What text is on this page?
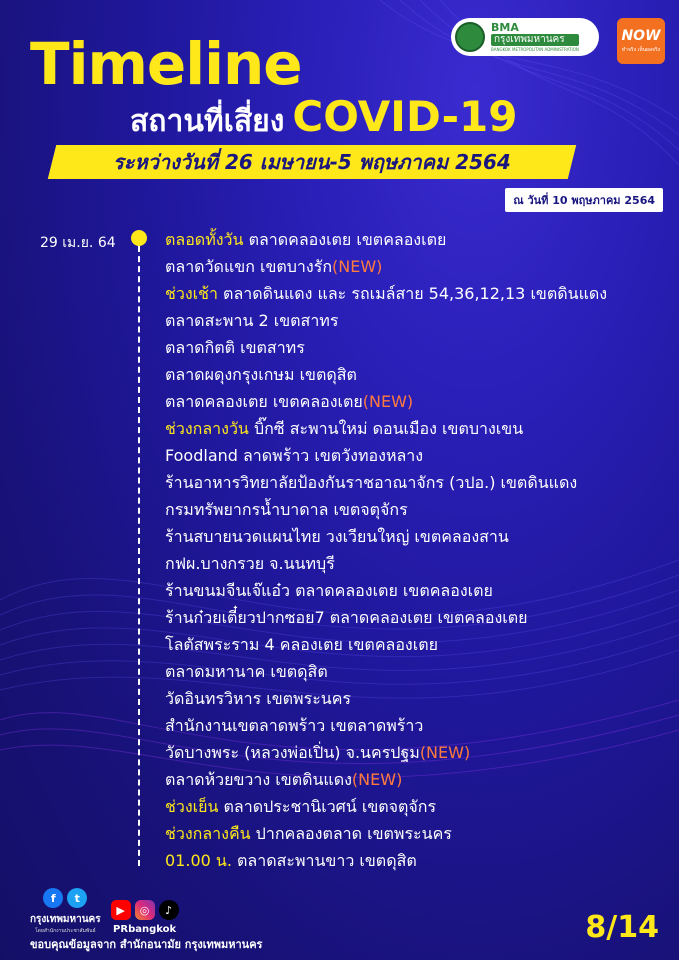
BMA
กรุงเทพมหานคร
BANGKOK METROPOLITAN ADMINISTRATION
NOW
ทำจริง เห็นผลจริง
Timeline
สถานที่เสี่ยง COVID-19
ระหว่างวันที่ 26 เมษายน-5 พฤษภาคม 2564
ณ วันที่ 10 พฤษภาคม 2564
29 เม.ย. 64	ตลอดทั้งวัน ตลาดคลองเตย เขตคลองเตย
ตลาดวัดแขก เขตบางรัก(NEW)
ช่วงเช้า ตลาดดินแดง และ รถเมล์สาย 54,36,12,13 เขตดินแดง
ตลาดสะพาน 2 เขตสาทร
ตลาดกิตติ เขตสาทร
ตลาดผดุงกรุงเกษม เขตดุสิต
ตลาดคลองเตย เขตคลองเตย(NEW)
ช่วงกลางวัน บิ๊กซี สะพานใหม่ ดอนเมือง เขตบางเขน
Foodland ลาดพร้าว เขตวังทองหลาง
ร้านอาหารวิทยาลัยป้องกันราชอาณาจักร (วปอ.) เขตดินแดง
กรมทรัพยากรน้ำบาดาล เขตจตุจักร
ร้านสบายนวดแผนไทย วงเวียนใหญ่ เขตคลองสาน
กฟผ.บางกรวย จ.นนทบุรี
ร้านขนมจีนเจ๊แอ๋ว ตลาดคลองเตย เขตคลองเตย
ร้านก๋วยเตี๋ยวปากซอย7 ตลาดคลองเตย เขตคลองเตย
โลตัสพระราม 4 คลองเตย เขตคลองเตย
ตลาดมหานาค เขตดุสิต
วัดอินทรวิหาร เขตพระนคร
สำนักงานเขตลาดพร้าว เขตลาดพร้าว
วัดบางพระ (หลวงพ่อเปิ่น) จ.นครปฐม(NEW)
ตลาดห้วยขวาง เขตดินแดง(NEW)
ช่วงเย็น ตลาดประชานิเวศน์ เขตจตุจักร
ช่วงกลางคืน ปากคลองตลาด เขตพระนคร
01.00 น. ตลาดสะพานขาว เขตดุสิต
f	t
กรุงเทพมหานคร
โดยสำนักงานประชาสัมพันธ์
▶	◎	♪
PRbangkok
ขอบคุณข้อมูลจาก สำนักอนามัย กรุงเทพมหานคร	8/14
